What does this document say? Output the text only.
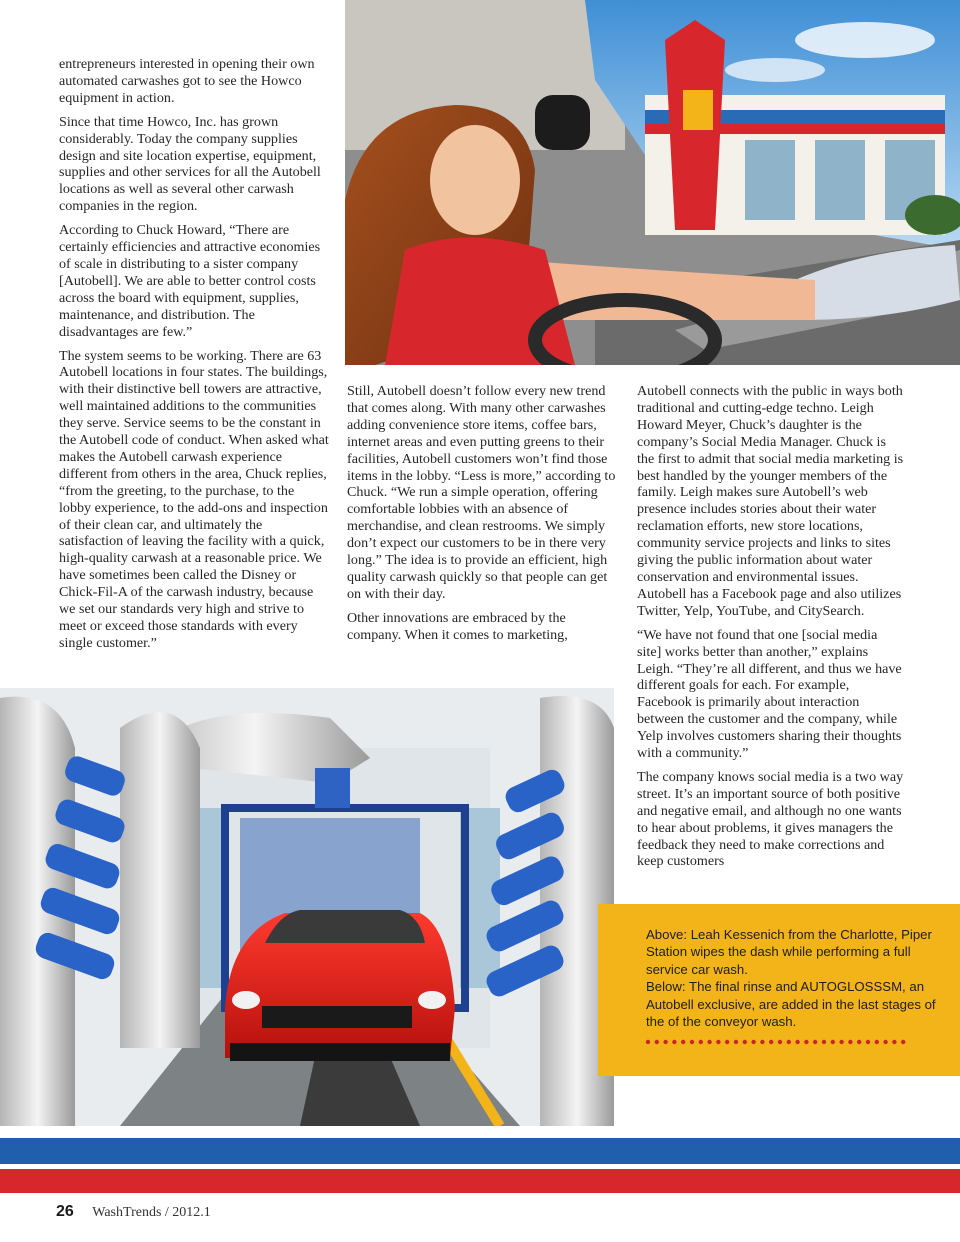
entrepreneurs interested in opening their own automated carwashes got to see the Howco equipment in action.

Since that time Howco, Inc. has grown considerably. Today the company supplies design and site location expertise, equipment, supplies and other services for all the Autobell locations as well as several other carwash companies in the region.

According to Chuck Howard, “There are certainly efficiencies and attractive economies of scale in distributing to a sister company [Autobell]. We are able to better control costs across the board with equipment, supplies, maintenance, and distribution. The disadvantages are few.”

The system seems to be working. There are 63 Autobell locations in four states. The buildings, with their distinctive bell towers are attractive, well maintained additions to the communities they serve. Service seems to be the constant in the Autobell code of conduct. When asked what makes the Autobell carwash experience different from others in the area, Chuck replies, “from the greeting, to the purchase, to the lobby experience, to the add-ons and inspection of their clean car, and ultimately the satisfaction of leaving the facility with a quick, high-quality carwash at a reasonable price. We have sometimes been called the Disney or Chick-Fil-A of the carwash industry, because we set our standards very high and strive to meet or exceed those standards with every single customer.”

Still, Autobell doesn’t follow every new trend that comes along. With many other carwashes adding convenience store items, coffee bars, internet areas and even putting greens to their facilities, Autobell customers won’t find those items in the lobby. “Less is more,” according to Chuck. “We run a simple operation, offering comfortable lobbies with an absence of merchandise, and clean restrooms. We simply don’t expect our customers to be in there very long.” The idea is to provide an efficient, high quality carwash quickly so that people can get on with their day.

Other innovations are embraced by the company. When it comes to marketing,

Autobell connects with the public in ways both traditional and cutting-edge techno. Leigh Howard Meyer, Chuck’s daughter is the company’s Social Media Manager. Chuck is the first to admit that social media marketing is best handled by the younger members of the family. Leigh makes sure Autobell’s web presence includes stories about their water reclamation efforts, new store locations, community service projects and links to sites giving the public information about water conservation and environmental issues. Autobell has a Facebook page and also utilizes Twitter, Yelp, YouTube, and CitySearch.

“We have not found that one [social media site] works better than another,” explains Leigh. “They’re all different, and thus we have different goals for each. For example, Facebook is primarily about interaction between the customer and the company, while Yelp involves customers sharing their thoughts with a community.”

The company knows social media is a two way street. It’s an important source of both positive and negative email, and although no one wants to hear about problems, it gives managers the feedback they need to make corrections and keep customers

Above: Leah Kessenich from the Charlotte, Piper Station wipes the dash while performing a full service car wash.
Below: The final rinse and AUTOGLOSSSM, an Autobell exclusive, are added in the last stages of the of the conveyor wash.
26 WashTrends / 2012.1
